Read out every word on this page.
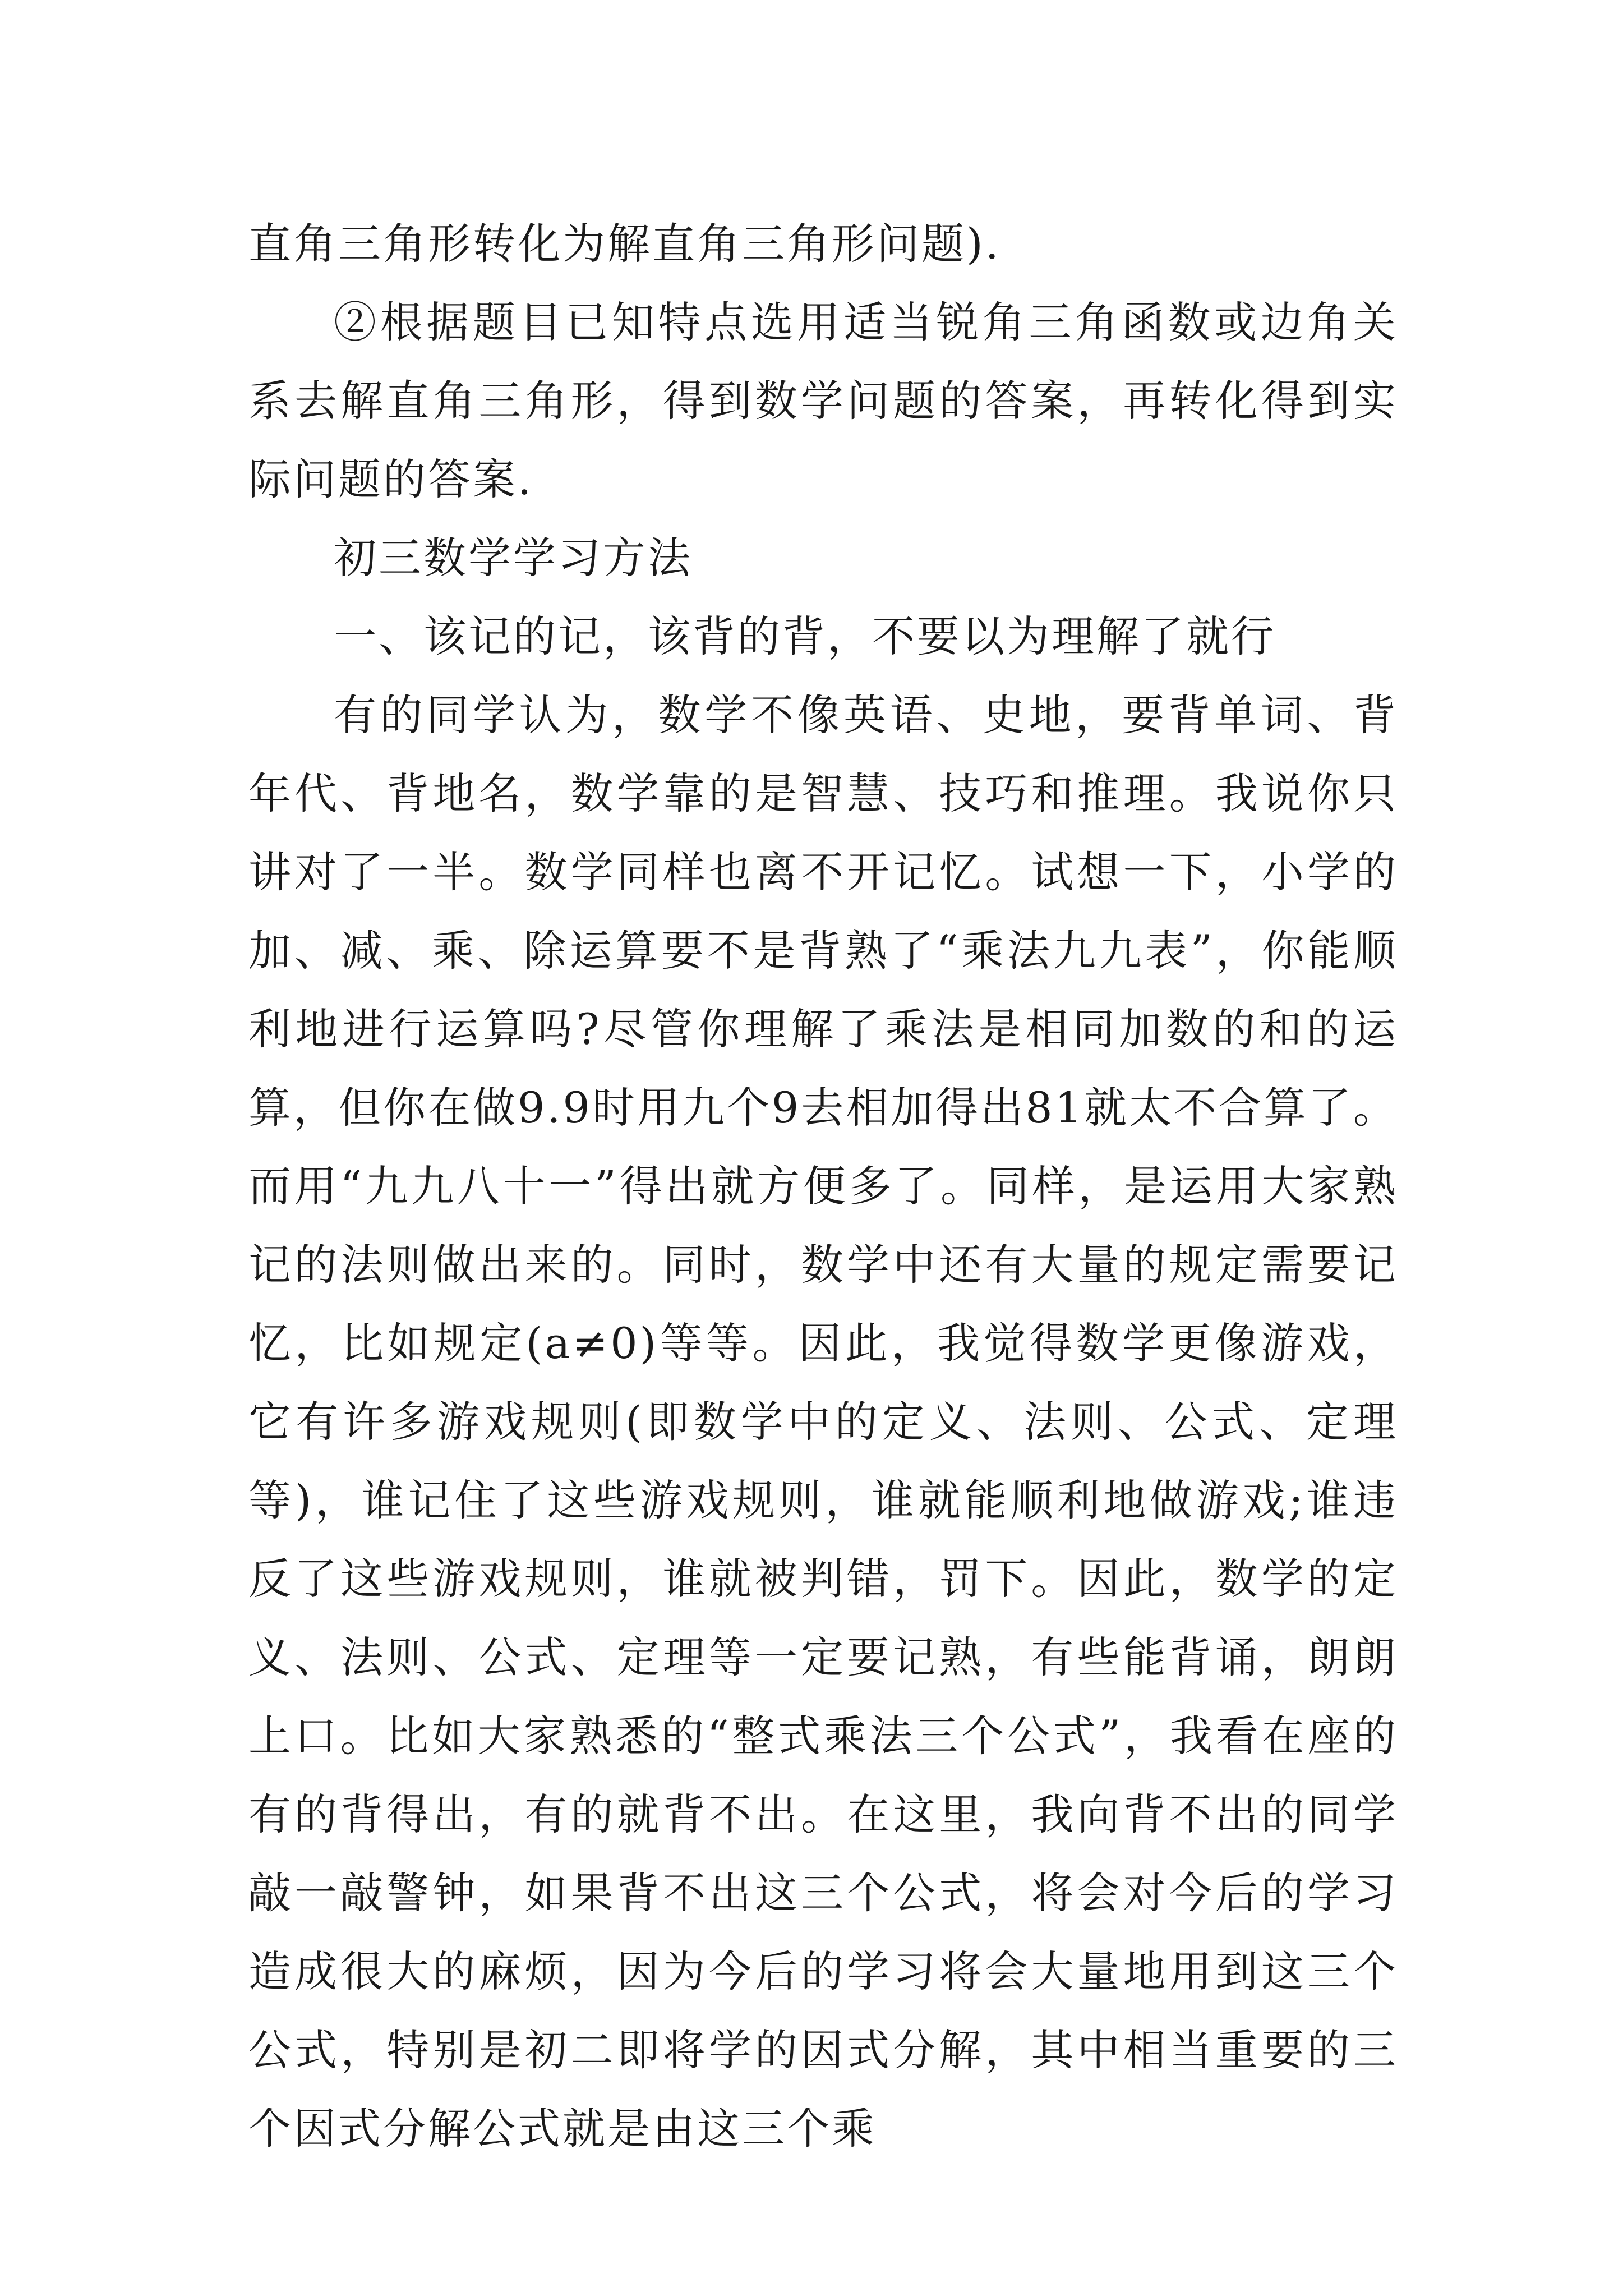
直角三角形转化为解直角三角形问题).

②根据题目已知特点选用适当锐角三角函数或边角关系去解直角三角形，得到数学问题的答案，再转化得到实际问题的答案.

初三数学学习方法

一、该记的记，该背的背，不要以为理解了就行

有的同学认为，数学不像英语、史地，要背单词、背年代、背地名，数学靠的是智慧、技巧和推理。我说你只讲对了一半。数学同样也离不开记忆。试想一下，小学的加、减、乘、除运算要不是背熟了“乘法九九表”，你能顺利地进行运算吗?尽管你理解了乘法是相同加数的和的运算，但你在做9.9时用九个9去相加得出81就太不合算了。而用“九九八十一”得出就方便多了。同样，是运用大家熟记的法则做出来的。同时，数学中还有大量的规定需要记忆，比如规定(a≠0)等等。因此，我觉得数学更像游戏，它有许多游戏规则(即数学中的定义、法则、公式、定理等)，谁记住了这些游戏规则，谁就能顺利地做游戏;谁违反了这些游戏规则，谁就被判错，罚下。因此，数学的定义、法则、公式、定理等一定要记熟，有些能背诵，朗朗上口。比如大家熟悉的“整式乘法三个公式”，我看在座的有的背得出，有的就背不出。在这里，我向背不出的同学敲一敲警钟，如果背不出这三个公式，将会对今后的学习造成很大的麻烦，因为今后的学习将会大量地用到这三个公式，特别是初二即将学的因式分解，其中相当重要的三个因式分解公式就是由这三个乘
